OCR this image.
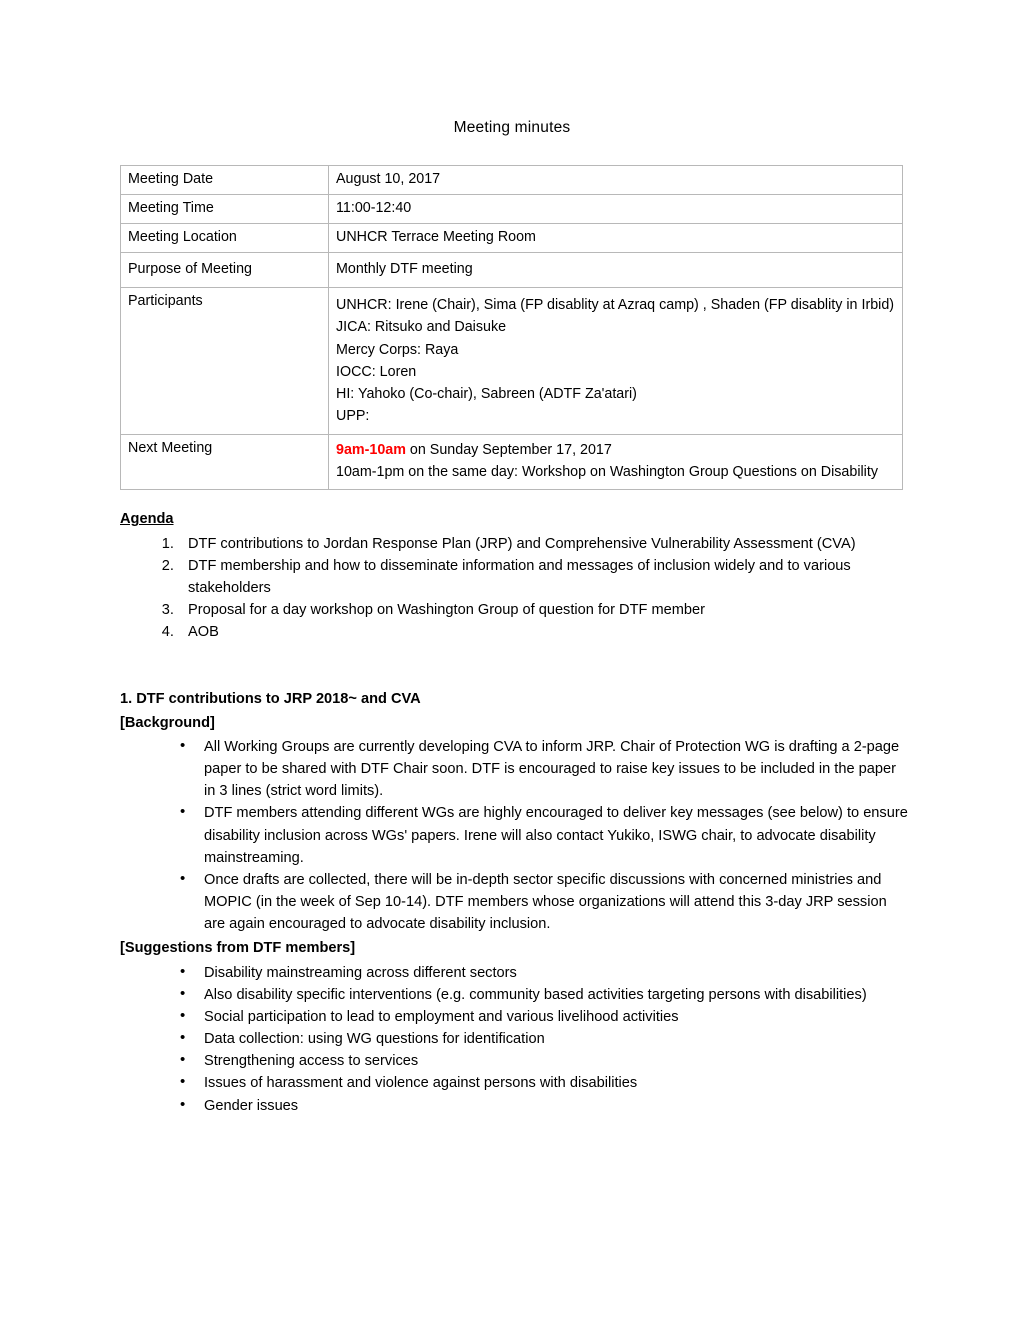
Meeting minutes
Meeting Date	August 10, 2017
Meeting Time	11:00-12:40
Meeting Location	UNHCR Terrace Meeting Room
Purpose of Meeting	Monthly DTF meeting
Participants	UNHCR: Irene (Chair), Sima (FP disablity at Azraq camp) , Shaden (FP disablity in Irbid)
JICA: Ritsuko and Daisuke
Mercy Corps: Raya
IOCC: Loren
HI: Yahoko (Co-chair), Sabreen (ADTF Za'atari)
UPP:

Next Meeting	9am-10am on Sunday September 17, 2017
10am-1pm on the same day: Workshop on Washington Group Questions on Disability
Agenda
1. DTF contributions to Jordan Response Plan (JRP) and Comprehensive Vulnerability Assessment (CVA)
2. DTF membership and how to disseminate information and messages of inclusion widely and to various stakeholders
3. Proposal for a day workshop on Washington Group of question for DTF member
4. AOB
1. DTF contributions to JRP 2018~ and CVA
[Background]
• All Working Groups are currently developing CVA to inform JRP. Chair of Protection WG is drafting a 2-page paper to be shared with DTF Chair soon. DTF is encouraged to raise key issues to be included in the paper in 3 lines (strict word limits).
• DTF members attending different WGs are highly encouraged to deliver key messages (see below) to ensure disability inclusion across WGs' papers. Irene will also contact Yukiko, ISWG chair, to advocate disability mainstreaming.
• Once drafts are collected, there will be in-depth sector specific discussions with concerned ministries and MOPIC (in the week of Sep 10-14). DTF members whose organizations will attend this 3-day JRP session are again encouraged to advocate disability inclusion.
[Suggestions from DTF members]
• Disability mainstreaming across different sectors
• Also disability specific interventions (e.g. community based activities targeting persons with disabilities)
• Social participation to lead to employment and various livelihood activities
• Data collection: using WG questions for identification
• Strengthening access to services
• Issues of harassment and violence against persons with disabilities
• Gender issues
